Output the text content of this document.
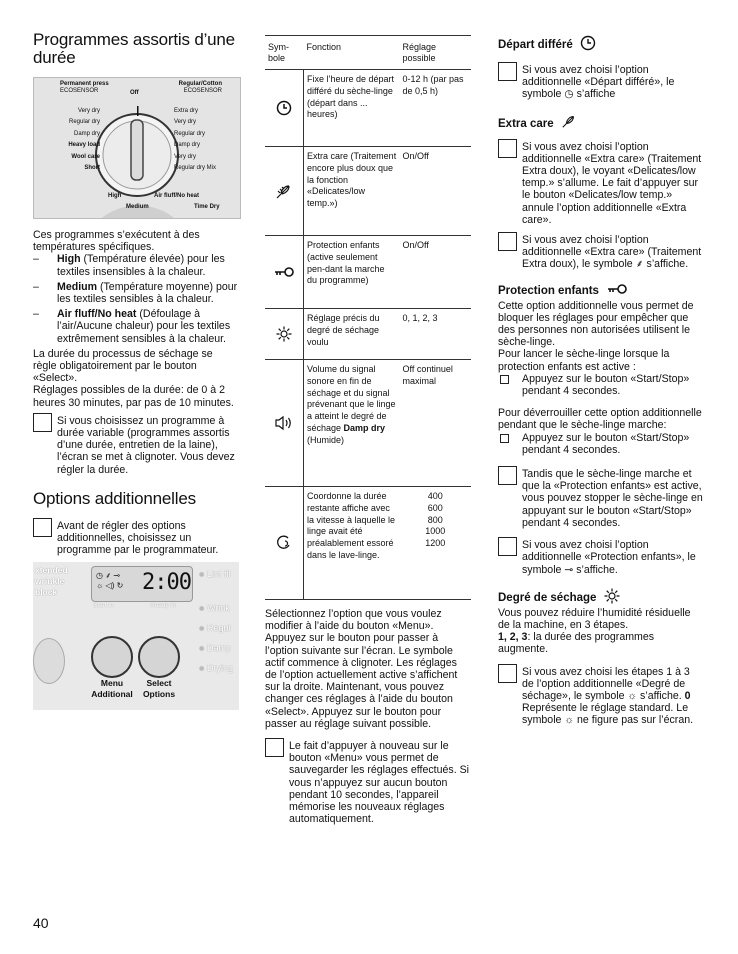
Programmes assortis d’une durée
Permanent press
ECOSENSOR	Off
Regular/Cotton
ECOSENSOR
Very dry
Regular dry
Damp dry
Heavy load
Wool care
Short
Extra dry
Very dry
Regular dry
Damp dry
Very dry
Regular dry Mix
High
Medium
Air fluff/No heat
Time Dry

Ces programmes s’exécutent à des températures spécifiques.

– High (Température élevée) pour les textiles insensibles à la chaleur.
– Medium (Température moyenne) pour les textiles sensibles à la chaleur.
– Air fluff/No heat (Défoulage à l’air/Aucune chaleur) pour les textiles extrêmement sensibles à la chaleur.

La durée du processus de séchage se règle obligatoirement par le bouton «Select».

Réglages possibles de la durée: de 0 à 2 heures 30 minutes, par pas de 10 minutes.

Si vous choisissez un programme à durée variable (programmes assortis d’une durée, entretien de la laine), l’écran se met à clignoter. Vous devez régler la durée.
Options additionnelles
Avant de régler des options additionnelles, choisissez un programme par le programmateur.
xtended
wrinkle
block
◷ ⸙ ⊸
☼ ◁) ↻ 2:00
Start in	Ready in
● Lint fil
● Wrink
● Regul
● Damp
● Drying
Menu
Additional
Select
Options
40
Sym-
bole	Fonction	Réglage possible

	Fixe l’heure de départ différé du sèche-linge (départ dans ... heures)	0-12 h (par pas de 0,5 h)

	Extra care (Traitement encore plus doux que la fonction «Delicates/low temp.»)	On/Off

	Protection enfants (active seulement pen-dant la marche du programme)	On/Off

	Réglage précis du degré de séchage voulu	0, 1, 2, 3

	Volume du signal sonore en fin de séchage et du signal prévenant que le linge a atteint le degré de séchage Damp dry (Humide)	Off continuel maximal

	Coordonne la durée restante affiche avec la vitesse à laquelle le linge avait été préalablement essoré dans le lave-linge.	400
600
800
1000
1200

Sélectionnez l’option que vous voulez modifier à l’aide du bouton «Menu». Appuyez sur le bouton pour passer à l’option suivante sur l’écran. Le symbole actif commence à clignoter. Les réglages de l’option actuellement active s’affichent sur la droite. Maintenant, vous pouvez changer ces réglages à l’aide du bouton «Select». Appuyez sur le bouton pour passer au réglage suivant possible.

Le fait d’appuyer à nouveau sur le bouton «Menu» vous permet de sauvegarder les réglages effectués. Si vous n’appuyez sur aucun bouton pendant 10 secondes, l’appareil mémorise les nouveaux réglages automatiquement.
Départ différé
Si vous avez choisi l’option additionnelle «Départ différé», le symbole ◷ s’affiche
Extra care
Si vous avez choisi l’option additionnelle «Extra care» (Traitement Extra doux), le voyant «Delicates/low temp.» s’allume. Le fait d’appuyer sur le bouton «Delicates/low temp.» annule l’option additionnelle «Extra care».
Si vous avez choisi l’option additionnelle «Extra care» (Traitement Extra doux), le symbole ⸙ s’affiche.
Protection enfants

Cette option additionnelle vous permet de bloquer les réglages pour empêcher que des personnes non autorisées utilisent le sèche-linge.

Pour lancer le sèche-linge lorsque la protection enfants est active :

Appuyez sur le bouton «Start/Stop» pendant 4 secondes.

Pour déverrouiller cette option additionnelle pendant que le sèche-linge marche:

Appuyez sur le bouton «Start/Stop» pendant 4 secondes.
Tandis que le sèche-linge marche et que la «Protection enfants» est active, vous pouvez stopper le sèche-linge en appuyant sur le bouton «Start/Stop» pendant 4 secondes.
Si vous avez choisi l’option additionnelle «Protection enfants», le symbole ⊸ s’affiche.
Degré de séchage

Vous pouvez réduire l’humidité résiduelle de la machine, en 3 étapes.

1, 2, 3: la durée des programmes augmente.

Si vous avez choisi les étapes 1 à 3 de l’option additionnelle «Degré de séchage», le symbole ☼ s’affiche. 0 Représente le réglage standard. Le symbole ☼ ne figure pas sur l’écran.
